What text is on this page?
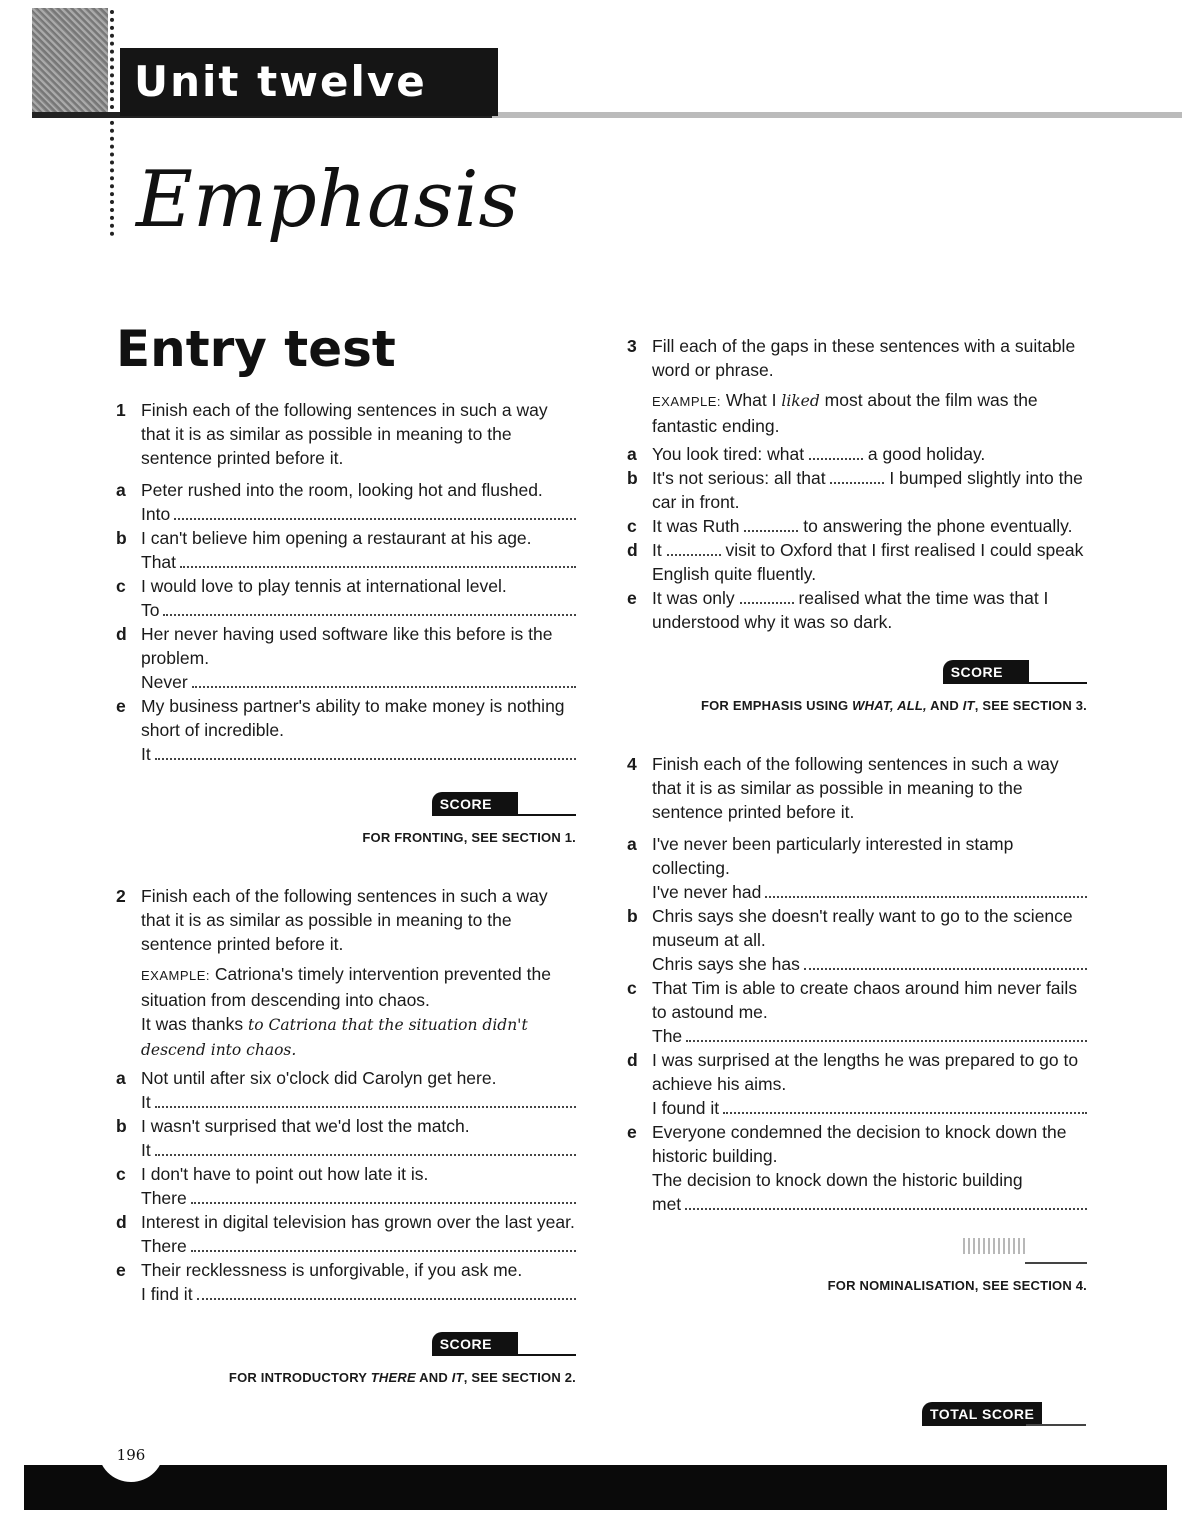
Unit twelve
Emphasis
Entry test
1 Finish each of the following sentences in such a way that it is as similar as possible in meaning to the sentence printed before it.
a Peter rushed into the room, looking hot and flushed.
Into
b I can't believe him opening a restaurant at his age.
That
c I would love to play tennis at international level.
To
d Her never having used software like this before is the problem.
Never
e My business partner's ability to make money is nothing short of incredible.
It
SCORE
FOR FRONTING, SEE SECTION 1.
2 Finish each of the following sentences in such a way that it is as similar as possible in meaning to the sentence printed before it.
EXAMPLE: Catriona's timely intervention prevented the situation from descending into chaos.
It was thanks to Catriona that the situation didn't descend into chaos.
a Not until after six o'clock did Carolyn get here.
It
b I wasn't surprised that we'd lost the match.
It
c I don't have to point out how late it is.
There
d Interest in digital television has grown over the last year.
There
e Their recklessness is unforgivable, if you ask me.
I find it
SCORE
FOR INTRODUCTORY THERE AND IT, SEE SECTION 2.
3 Fill each of the gaps in these sentences with a suitable word or phrase.
EXAMPLE: What I liked most about the film was the fantastic ending.
a You look tired: what	a good holiday.
b It's not serious: all that	I bumped slightly into the car in front.
c It was Ruth	to answering the phone eventually.
d It	visit to Oxford that I first realised I could speak English quite fluently.
e It was only	realised what the time was that I understood why it was so dark.
SCORE
FOR EMPHASIS USING WHAT, ALL, AND IT, SEE SECTION 3.
4 Finish each of the following sentences in such a way that it is as similar as possible in meaning to the sentence printed before it.
a I've never been particularly interested in stamp collecting.
I've never had
b Chris says she doesn't really want to go to the science museum at all.
Chris says she has
c That Tim is able to create chaos around him never fails to astound me.
The
d I was surprised at the lengths he was prepared to go to achieve his aims.
I found it
e Everyone condemned the decision to knock down the historic building.
The decision to knock down the historic building
met
FOR NOMINALISATION, SEE SECTION 4.
TOTAL SCORE
196
